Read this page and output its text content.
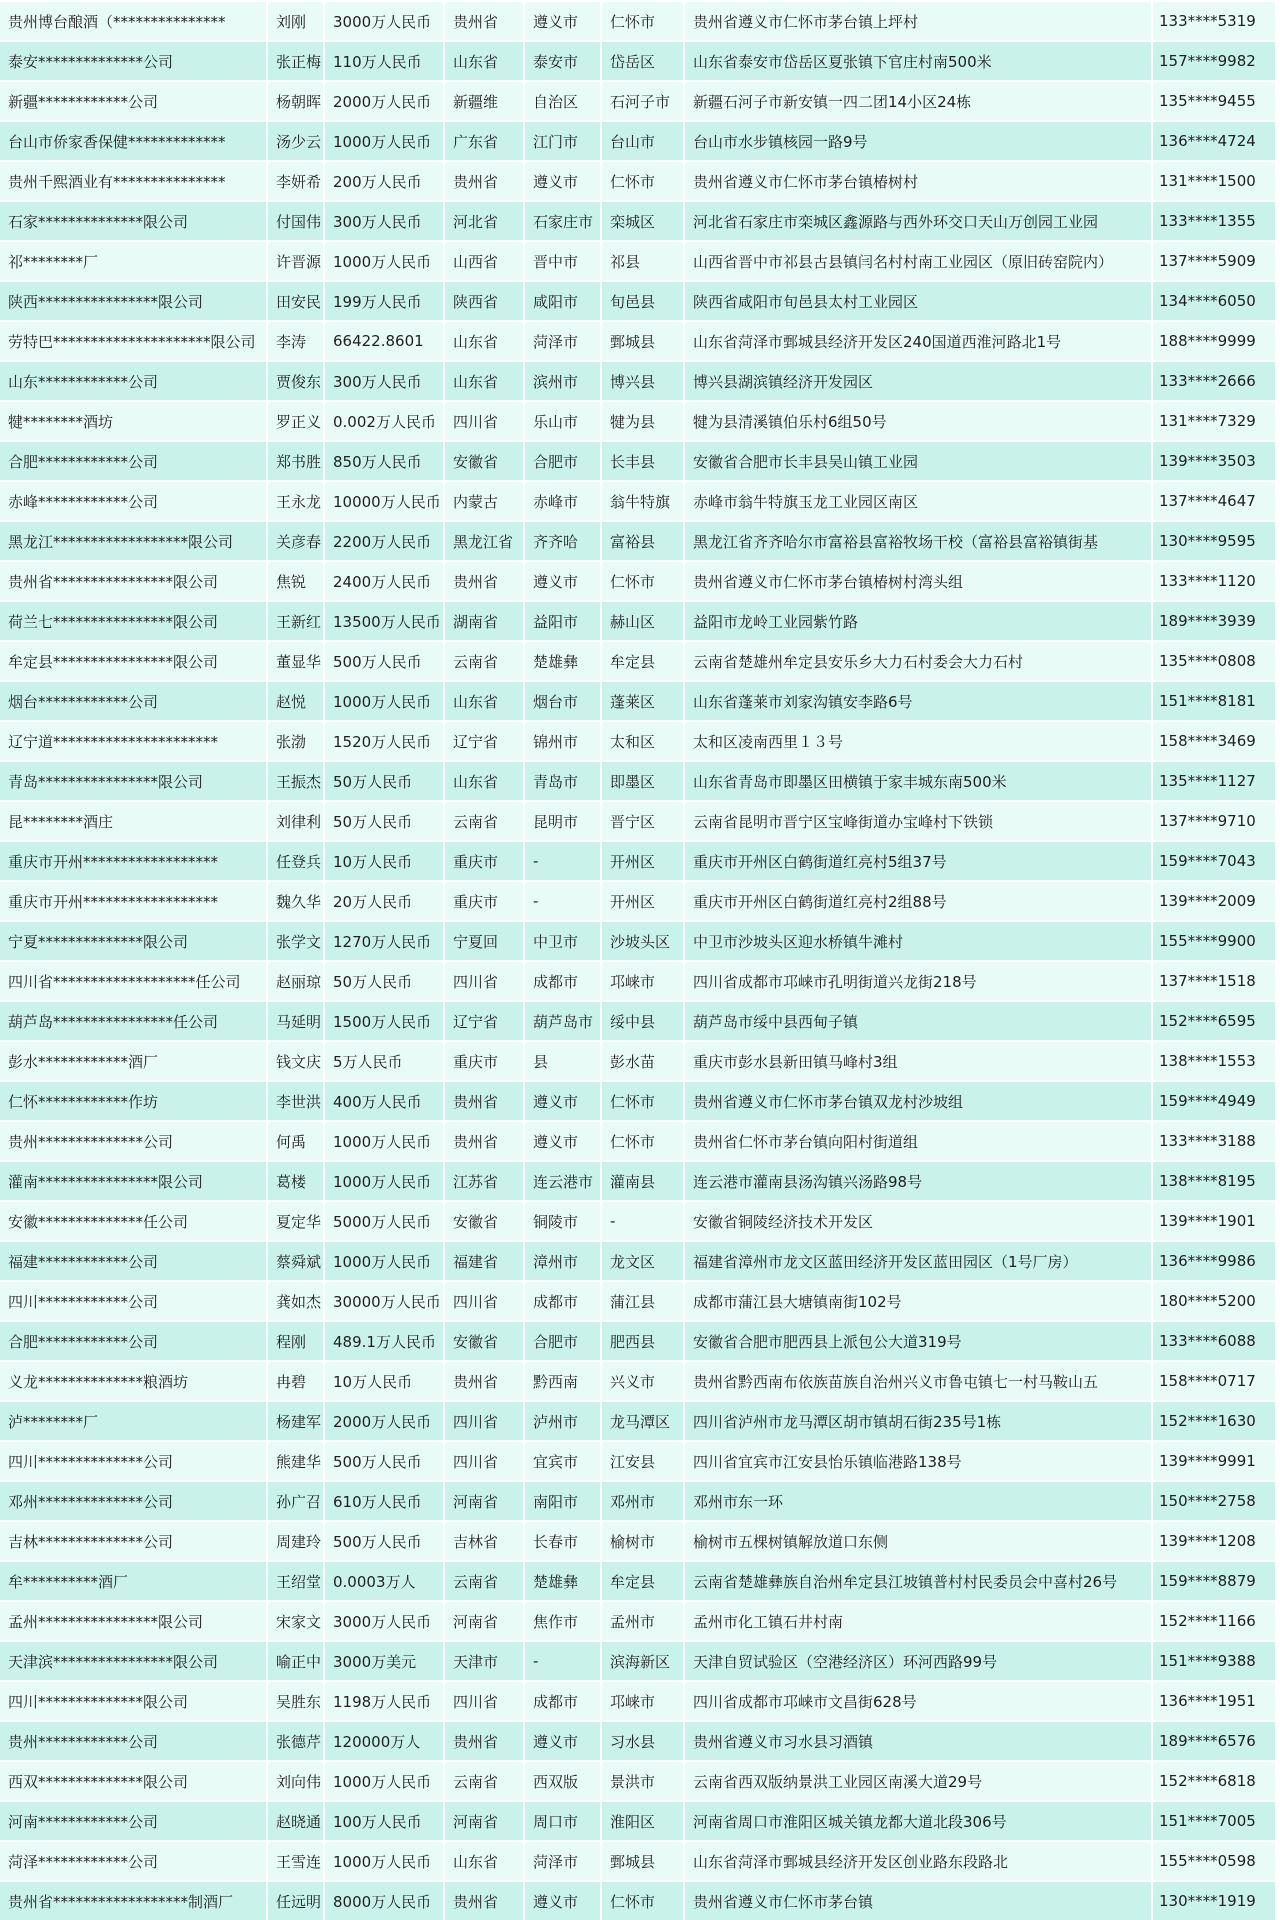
贵州博台酿酒（***************	刘刚	3000万人民币	贵州省	遵义市	仁怀市	贵州省遵义市仁怀市茅台镇上坪村	133****5319
泰安**************公司	张正梅	110万人民币	山东省	泰安市	岱岳区	山东省泰安市岱岳区夏张镇下官庄村南500米	157****9982
新疆************公司	杨朝晖	2000万人民币	新疆维	自治区	石河子市	新疆石河子市新安镇一四二团14小区24栋	135****9455
台山市侨家香保健*************	汤少云	1000万人民币	广东省	江门市	台山市	台山市水步镇核园一路9号	136****4724
贵州千熙酒业有***************	李妍希	200万人民币	贵州省	遵义市	仁怀市	贵州省遵义市仁怀市茅台镇椿树村	131****1500
石家**************限公司	付国伟	300万人民币	河北省	石家庄市	栾城区	河北省石家庄市栾城区鑫源路与西外环交口天山万创园工业园	133****1355
祁********厂	许晋源	1000万人民币	山西省	晋中市	祁县	山西省晋中市祁县古县镇闫名村村南工业园区（原旧砖窑院内）	137****5909
陕西****************限公司	田安民	199万人民币	陕西省	咸阳市	旬邑县	陕西省咸阳市旬邑县太村工业园区	134****6050
劳特巴*********************限公司	李涛	66422.8601	山东省	菏泽市	鄄城县	山东省菏泽市鄄城县经济开发区240国道西淮河路北1号	188****9999
山东************公司	贾俊东	300万人民币	山东省	滨州市	博兴县	博兴县湖滨镇经济开发园区	133****2666
犍********酒坊	罗正义	0.002万人民币	四川省	乐山市	犍为县	犍为县清溪镇伯乐村6组50号	131****7329
合肥************公司	郑书胜	850万人民币	安徽省	合肥市	长丰县	安徽省合肥市长丰县吴山镇工业园	139****3503
赤峰************公司	王永龙	10000万人民币	内蒙古	赤峰市	翁牛特旗	赤峰市翁牛特旗玉龙工业园区南区	137****4647
黑龙江******************限公司	关彦春	2200万人民币	黑龙江省	齐齐哈	富裕县	黑龙江省齐齐哈尔市富裕县富裕牧场干校（富裕县富裕镇街基	130****9595
贵州省****************限公司	焦锐	2400万人民币	贵州省	遵义市	仁怀市	贵州省遵义市仁怀市茅台镇椿树村湾头组	133****1120
荷兰七****************限公司	王新红	13500万人民币	湖南省	益阳市	赫山区	益阳市龙岭工业园紫竹路	189****3939
牟定县****************限公司	董显华	500万人民币	云南省	楚雄彝	牟定县	云南省楚雄州牟定县安乐乡大力石村委会大力石村	135****0808
烟台************公司	赵悦	1000万人民币	山东省	烟台市	蓬莱区	山东省蓬莱市刘家沟镇安李路6号	151****8181
辽宁道**********************	张渤	1520万人民币	辽宁省	锦州市	太和区	太和区凌南西里１３号	158****3469
青岛****************限公司	王振杰	50万人民币	山东省	青岛市	即墨区	山东省青岛市即墨区田横镇于家丰城东南500米	135****1127
昆********酒庄	刘律利	50万人民币	云南省	昆明市	晋宁区	云南省昆明市晋宁区宝峰街道办宝峰村下铁锁	137****9710
重庆市开州******************	任登兵	10万人民币	重庆市	-	开州区	重庆市开州区白鹤街道红亮村5组37号	159****7043
重庆市开州******************	魏久华	20万人民币	重庆市	-	开州区	重庆市开州区白鹤街道红亮村2组88号	139****2009
宁夏**************限公司	张学文	1270万人民币	宁夏回	中卫市	沙坡头区	中卫市沙坡头区迎水桥镇牛滩村	155****9900
四川省*******************任公司	赵丽琼	50万人民币	四川省	成都市	邛崃市	四川省成都市邛崃市孔明街道兴龙街218号	137****1518
葫芦岛****************任公司	马延明	1500万人民币	辽宁省	葫芦岛市	绥中县	葫芦岛市绥中县西甸子镇	152****6595
彭水************酒厂	钱文庆	5万人民币	重庆市	县	彭水苗	重庆市彭水县新田镇马峰村3组	138****1553
仁怀************作坊	李世洪	400万人民币	贵州省	遵义市	仁怀市	贵州省遵义市仁怀市茅台镇双龙村沙坡组	159****4949
贵州**************公司	何禹	1000万人民币	贵州省	遵义市	仁怀市	贵州省仁怀市茅台镇向阳村街道组	133****3188
灌南****************限公司	葛楼	1000万人民币	江苏省	连云港市	灌南县	连云港市灌南县汤沟镇兴汤路98号	138****8195
安徽**************任公司	夏定华	5000万人民币	安徽省	铜陵市	-	安徽省铜陵经济技术开发区	139****1901
福建************公司	蔡舜斌	1000万人民币	福建省	漳州市	龙文区	福建省漳州市龙文区蓝田经济开发区蓝田园区（1号厂房）	136****9986
四川************公司	龚如杰	30000万人民币	四川省	成都市	蒲江县	成都市蒲江县大塘镇南街102号	180****5200
合肥************公司	程刚	489.1万人民币	安徽省	合肥市	肥西县	安徽省合肥市肥西县上派包公大道319号	133****6088
义龙**************粮酒坊	冉碧	10万人民币	贵州省	黔西南	兴义市	贵州省黔西南布依族苗族自治州兴义市鲁屯镇七一村马鞍山五	158****0717
泸********厂	杨建军	2000万人民币	四川省	泸州市	龙马潭区	四川省泸州市龙马潭区胡市镇胡石街235号1栋	152****1630
四川**************公司	熊建华	500万人民币	四川省	宜宾市	江安县	四川省宜宾市江安县怡乐镇临港路138号	139****9991
邓州**************公司	孙广召	610万人民币	河南省	南阳市	邓州市	邓州市东一环	150****2758
吉林**************公司	周建玲	500万人民币	吉林省	长春市	榆树市	榆树市五棵树镇解放道口东侧	139****1208
牟**********酒厂	王绍堂	0.0003万人	云南省	楚雄彝	牟定县	云南省楚雄彝族自治州牟定县江坡镇普村村民委员会中喜村26号	159****8879
孟州****************限公司	宋家文	3000万人民币	河南省	焦作市	孟州市	孟州市化工镇石井村南	152****1166
天津滨****************限公司	喻正中	3000万美元	天津市	-	滨海新区	天津自贸试验区（空港经济区）环河西路99号	151****9388
四川**************限公司	吴胜东	1198万人民币	四川省	成都市	邛崃市	四川省成都市邛崃市文昌街628号	136****1951
贵州************公司	张德芹	120000万人	贵州省	遵义市	习水县	贵州省遵义市习水县习酒镇	189****6576
西双**************限公司	刘向伟	1000万人民币	云南省	西双版	景洪市	云南省西双版纳景洪工业园区南溪大道29号	152****6818
河南************公司	赵晓通	100万人民币	河南省	周口市	淮阳区	河南省周口市淮阳区城关镇龙都大道北段306号	151****7005
菏泽************公司	王雪连	1000万人民币	山东省	菏泽市	鄄城县	山东省菏泽市鄄城县经济开发区创业路东段路北	155****0598
贵州省******************制酒厂	任远明	8000万人民币	贵州省	遵义市	仁怀市	贵州省遵义市仁怀市茅台镇	130****1919
